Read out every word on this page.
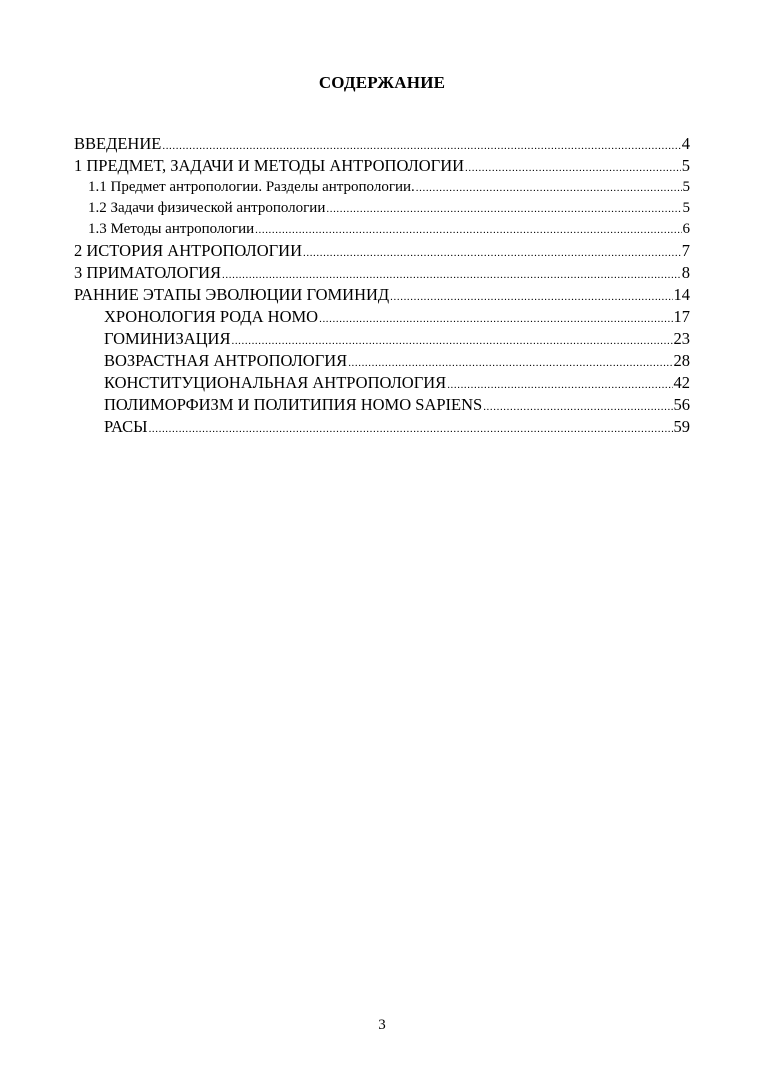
СОДЕРЖАНИЕ
ВВЕДЕНИЕ .....	4
1 ПРЕДМЕТ, ЗАДАЧИ И МЕТОДЫ АНТРОПОЛОГИИ .....	5
1.1 Предмет антропологии. Разделы антропологии. .....	5
1.2 Задачи физической антропологии .....	5
1.3 Методы антропологии .....	6
2 ИСТОРИЯ АНТРОПОЛОГИИ .....	7
3 ПРИМАТОЛОГИЯ .....	8
РАННИЕ ЭТАПЫ ЭВОЛЮЦИИ ГОМИНИД .....	14
ХРОНОЛОГИЯ РОДА HOMO .....	17
ГОМИНИЗАЦИЯ .....	23
ВОЗРАСТНАЯ АНТРОПОЛОГИЯ .....	28
КОНСТИТУЦИОНАЛЬНАЯ АНТРОПОЛОГИЯ .....	42
ПОЛИМОРФИЗМ И ПОЛИТИПИЯ HOMO SAPIENS .....	56
РАСЫ .....	59
3
